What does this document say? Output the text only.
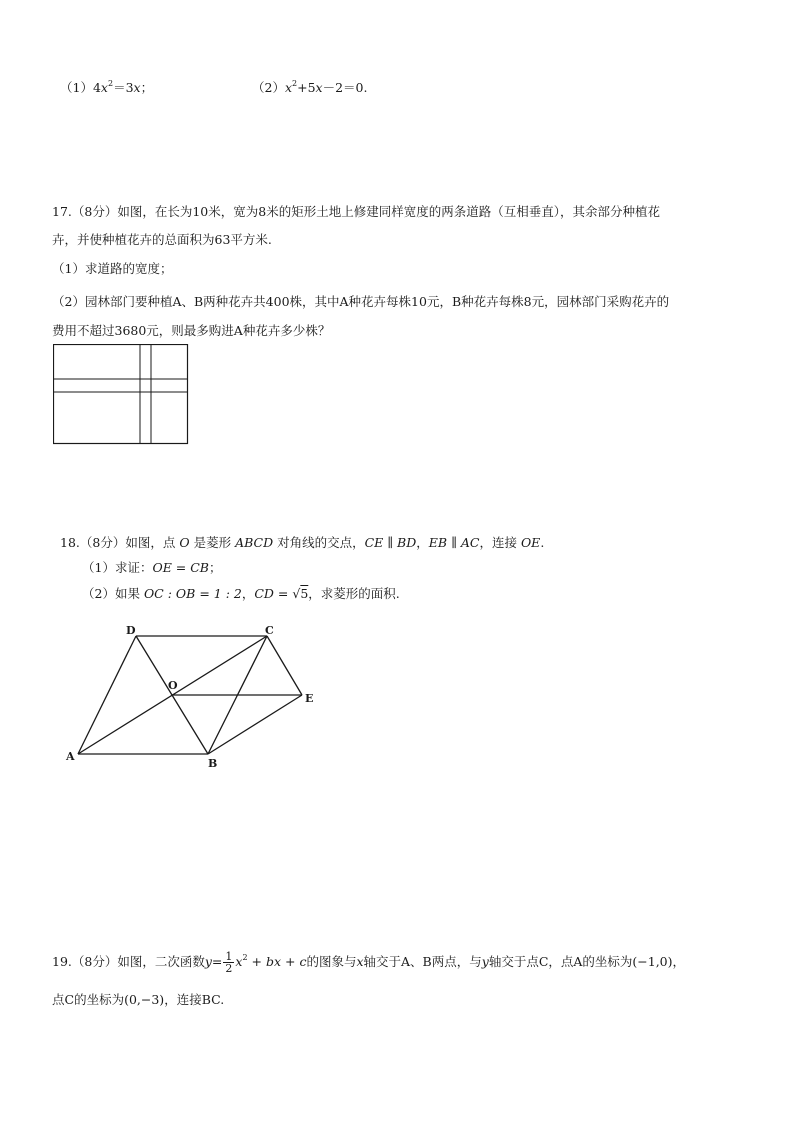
$(1)4x^2=3x$；	$(2)x^2+5x-2=0$.
17.（8分）如图，在长为10米，宽为8米的矩形土地上修建同样宽度的两条道路（互相垂直），其余部分种植花
卉，并使种植花卉的总面积为63平方米.
（1）求道路的宽度；
（2）园林部门要种植A、B两种花卉共400株，其中A种花卉每株10元，B种花卉每株8元，园林部门采购花卉的
费用不超过3680元，则最多购进A种花卉多少株？
18.（8分）如图，点 O 是菱形 ABCD 对角线的交点，CE ∥ BD，EB ∥ AC，连接 OE.
（1）求证：OE = CB；
（2）如果 OC : OB = 1 : 2，CD = √5，求菱形的面积.
D	C
O
E
A
B
19.（8分）如图，二次函数$y= \frac{1}{2} x^2$ + bx + c的图象与x轴交于A、B两点，与y轴交于点C，点A的坐标为(−1,0)，
点C的坐标为(0,−3)，连接BC.
